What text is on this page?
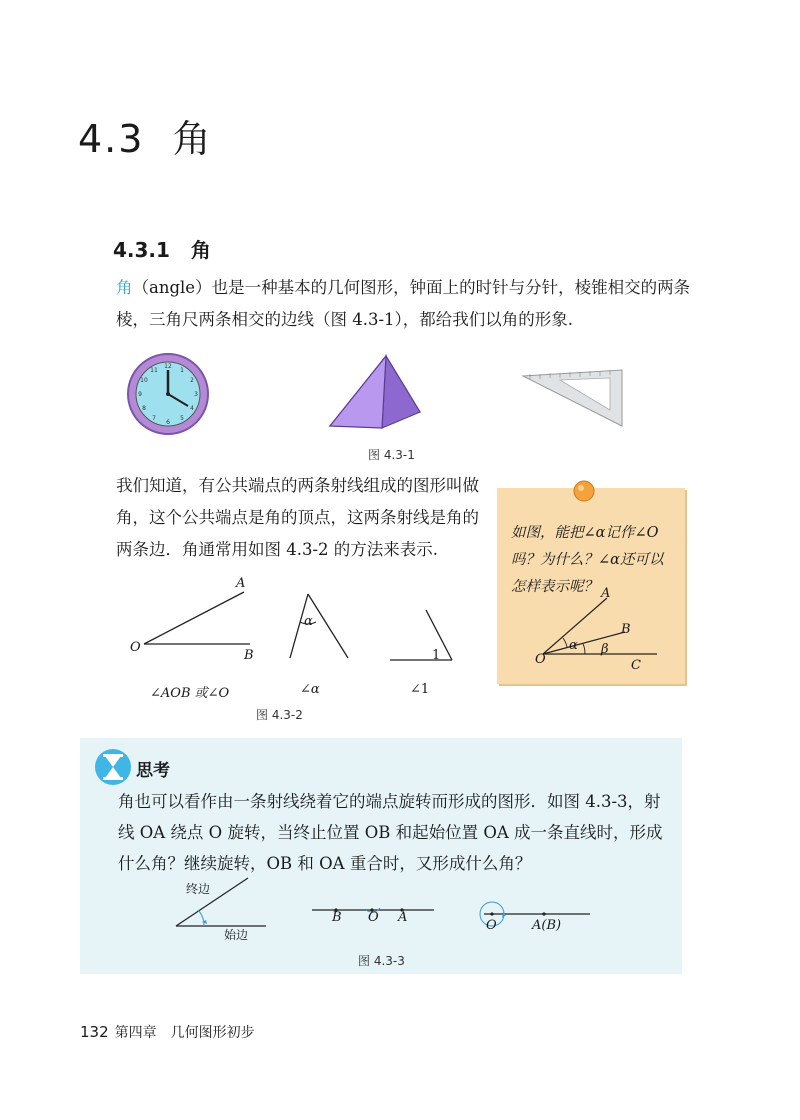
4.3 角
4.3.1 角
角（angle）也是一种基本的几何图形，钟面上的时针与分针，棱锥相交的两条棱，三角尺两条相交的边线（图 4.3-1），都给我们以角的形象.
12
1
2
3
4
5
6
7
8
9
10
11
图 4.3-1
我们知道，有公共端点的两条射线组成的图形叫做角，这个公共端点是角的顶点，这两条射线是角的两条边．角通常用如图 4.3-2 的方法来表示.
A
O
B
α
1
∠AOB 或∠O	∠α	∠1
图 4.3-2
如图，能把∠α记作∠O 吗？为什么？∠α还可以怎样表示呢？ A
B
C
O
α β
思考
角也可以看作由一条射线绕着它的端点旋转而形成的图形．如图 4.3-3，射线 OA 绕点 O 旋转，当终止位置 OB 和起始位置 OA 成一条直线时，形成什么角？继续旋转，OB 和 OA 重合时，又形成什么角？
终边
始边
B O A
O	A(B)
图 4.3-3
132 第四章　几何图形初步
